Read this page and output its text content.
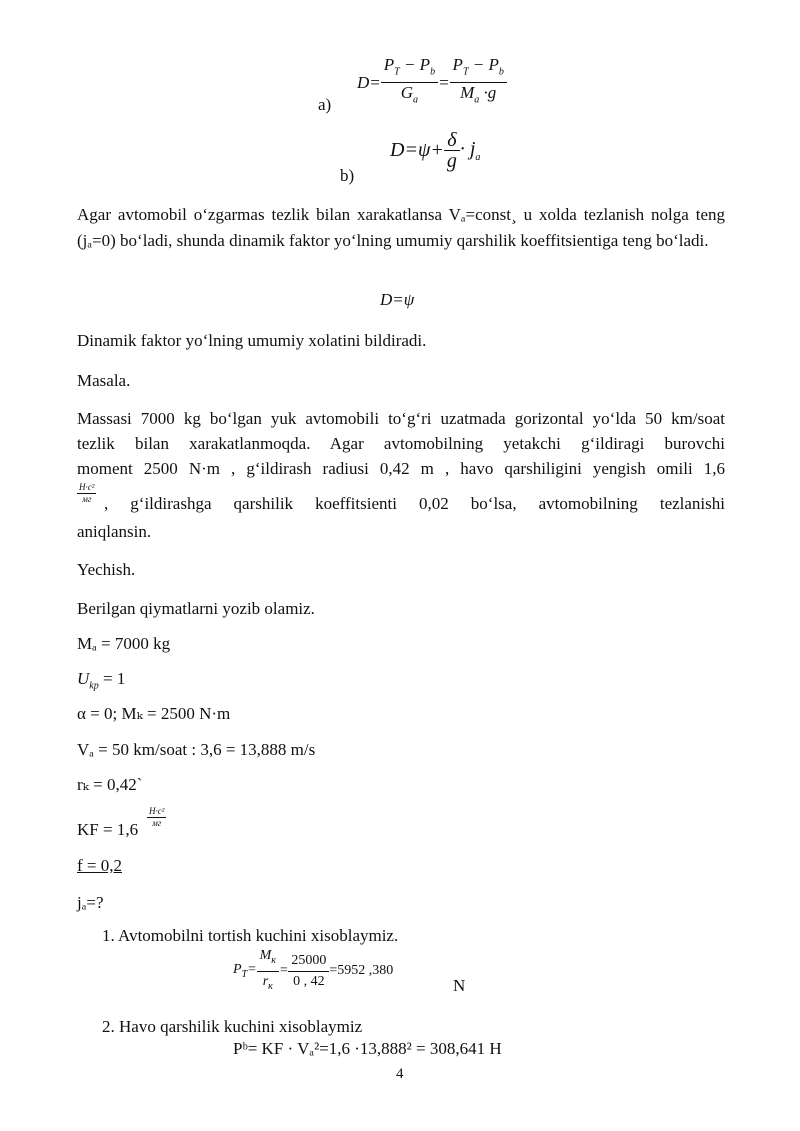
a)
$D= \frac{P_T - P_b}{G_a} = \frac{P_T - P_b}{M_a \cdot g}$
b)
$D=\psi+ \frac{\delta}{g} \cdot j_a$
Agar avtomobil o‘zgarmas tezlik bilan xarakatlansa Vₐ=const¸ u xolda tezlanish nolga teng (jₐ=0) bo‘ladi, shunda dinamik faktor yo‘lning umumiy qarshilik koeffitsientiga teng bo‘ladi.
D=ψ
Dinamik faktor yo‘lning umumiy xolatini bildiradi.
Masala.
Massasi 7000 kg bo‘lgan yuk avtomobili to‘g‘ri uzatmada gorizontal yo‘lda 50 km/soat
tezlik bilan xarakatlanmoqda. Agar avtomobilning yetakchi g‘ildiragi burovchi
moment 2500 N·m , g‘ildirash radiusi 0,42 m , havo qarshiligini yengish omili 1,6
H·c²
мг , g‘ildirashga qarshilik koeffitsienti 0,02 bo‘lsa, avtomobilning tezlanishi
aniqlansin.
Yechish.
Berilgan qiymatlarni yozib olamiz.
Mₐ = 7000 kg
$U_{kp} = 1$
α = 0; Mₖ = 2500 N·m
Vₐ = 50 km/soat : 3,6 = 13,888 m/s
rₖ = 0,42`
KF = 1,6
H·c²
мг
f = 0,2
jₐ=?
1. Avtomobilni tortish kuchini xisoblaymiz.
$P_T= \frac{M_к}{r_к} = \frac{25000}{0 , 42} =5952$ ,380
N
2. Havo qarshilik kuchini xisoblaymiz
Pᵇ= KF · Vₐ²=1,6 ·13,888² = 308,641 H
4
